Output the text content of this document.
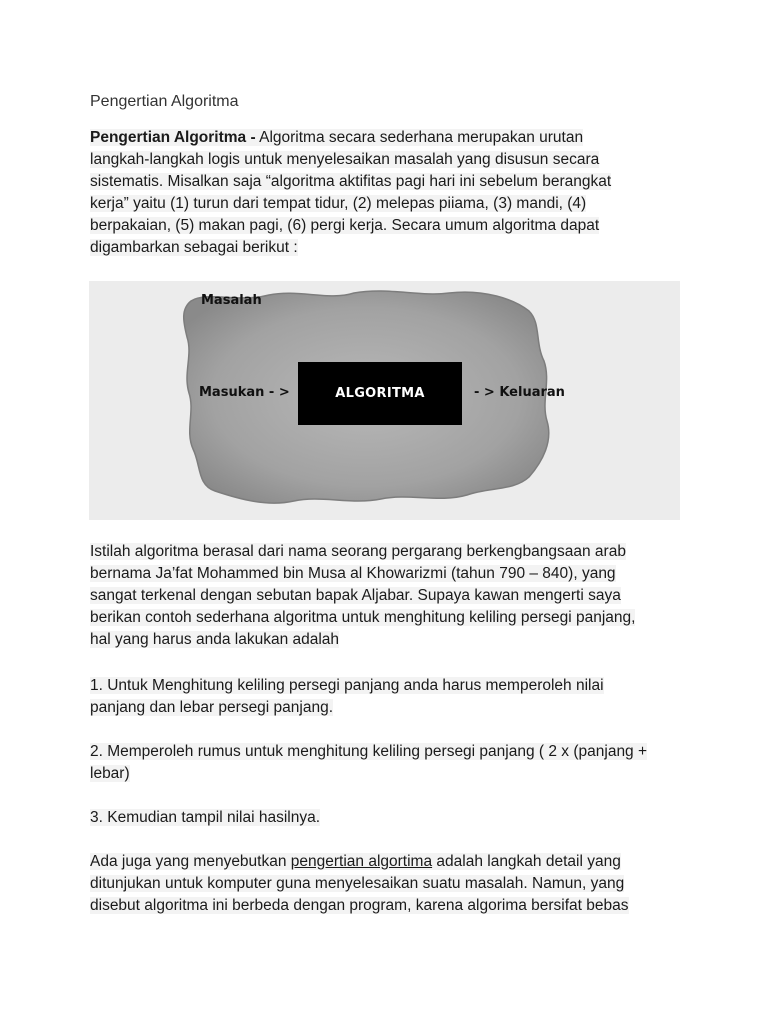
Pengertian Algoritma
Pengertian Algoritma - Algoritma secara sederhana merupakan urutan
langkah-langkah logis untuk menyelesaikan masalah yang disusun secara
sistematis. Misalkan saja “algoritma aktifitas pagi hari ini sebelum berangkat
kerja” yaitu (1) turun dari tempat tidur, (2) melepas piiama, (3) mandi, (4)
berpakaian, (5) makan pagi, (6) pergi kerja. Secara umum algoritma dapat
digambarkan sebagai berikut :
Masalah
Masukan - >	ALGORITMA	- > Keluaran
Istilah algoritma berasal dari nama seorang pergarang berkengbangsaan arab
bernama Ja’fat Mohammed bin Musa al Khowarizmi (tahun 790 – 840), yang
sangat terkenal dengan sebutan bapak Aljabar. Supaya kawan mengerti saya
berikan contoh sederhana algoritma untuk menghitung keliling persegi panjang,
hal yang harus anda lakukan adalah
1. Untuk Menghitung keliling persegi panjang anda harus memperoleh nilai
panjang dan lebar persegi panjang.
2. Memperoleh rumus untuk menghitung keliling persegi panjang ( 2 x (panjang +
lebar)
3. Kemudian tampil nilai hasilnya.
Ada juga yang menyebutkan pengertian algortima adalah langkah detail yang
ditunjukan untuk komputer guna menyelesaikan suatu masalah. Namun, yang
disebut algoritma ini berbeda dengan program, karena algorima bersifat bebas
